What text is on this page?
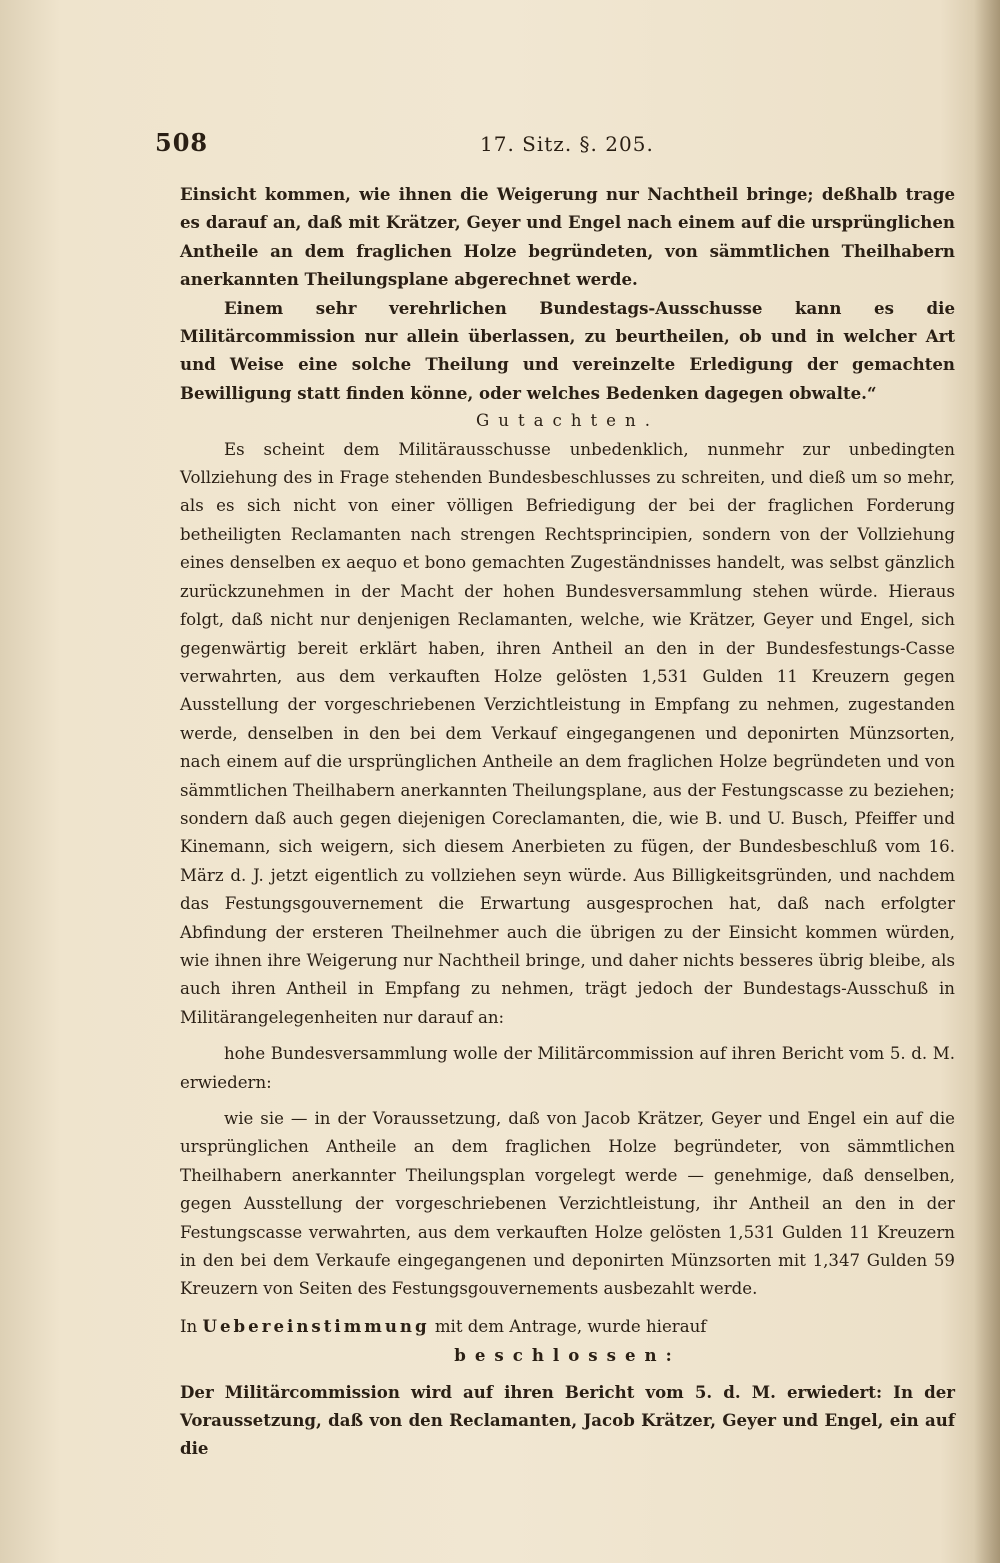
508	17. Sitz. §. 205.

Einsicht kommen, wie ihnen die Weigerung nur Nachtheil bringe; deßhalb trage es darauf an, daß mit Krätzer, Geyer und Engel nach einem auf die ursprünglichen Antheile an dem fraglichen Holze begründeten, von sämmtlichen Theilhabern anerkannten Theilungsplane abgerechnet werde.

Einem sehr verehrlichen Bundestags-Ausschusse kann es die Militärcommission nur allein überlassen, zu beurtheilen, ob und in welcher Art und Weise eine solche Theilung und vereinzelte Erledigung der gemachten Bewilligung statt finden könne, oder welches Bedenken dagegen obwalte.“

Gutachten.

Es scheint dem Militärausschusse unbedenklich, nunmehr zur unbedingten Vollziehung des in Frage stehenden Bundesbeschlusses zu schreiten, und dieß um so mehr, als es sich nicht von einer völligen Befriedigung der bei der fraglichen Forderung betheiligten Reclamanten nach strengen Rechtsprincipien, sondern von der Vollziehung eines denselben ex aequo et bono gemachten Zugeständnisses handelt, was selbst gänzlich zurückzunehmen in der Macht der hohen Bundesversammlung stehen würde. Hieraus folgt, daß nicht nur denjenigen Reclamanten, welche, wie Krätzer, Geyer und Engel, sich gegenwärtig bereit erklärt haben, ihren Antheil an den in der Bundesfestungs-Casse verwahrten, aus dem verkauften Holze gelösten 1,531 Gulden 11 Kreuzern gegen Ausstellung der vorgeschriebenen Verzichtleistung in Empfang zu nehmen, zugestanden werde, denselben in den bei dem Verkauf eingegangenen und deponirten Münzsorten, nach einem auf die ursprünglichen Antheile an dem fraglichen Holze begründeten und von sämmtlichen Theilhabern anerkannten Theilungsplane, aus der Festungscasse zu beziehen; sondern daß auch gegen diejenigen Coreclamanten, die, wie B. und U. Busch, Pfeiffer und Kinemann, sich weigern, sich diesem Anerbieten zu fügen, der Bundesbeschluß vom 16. März d. J. jetzt eigentlich zu vollziehen seyn würde. Aus Billigkeitsgründen, und nachdem das Festungsgouvernement die Erwartung ausgesprochen hat, daß nach erfolgter Abfindung der ersteren Theilnehmer auch die übrigen zu der Einsicht kommen würden, wie ihnen ihre Weigerung nur Nachtheil bringe, und daher nichts besseres übrig bleibe, als auch ihren Antheil in Empfang zu nehmen, trägt jedoch der Bundestags-Ausschuß in Militärangelegenheiten nur darauf an:

hohe Bundesversammlung wolle der Militärcommission auf ihren Bericht vom 5. d. M. erwiedern:

wie sie — in der Voraussetzung, daß von Jacob Krätzer, Geyer und Engel ein auf die ursprünglichen Antheile an dem fraglichen Holze begründeter, von sämmtlichen Theilhabern anerkannter Theilungsplan vorgelegt werde — genehmige, daß denselben, gegen Ausstellung der vorgeschriebenen Verzichtleistung, ihr Antheil an den in der Festungscasse verwahrten, aus dem verkauften Holze gelösten 1,531 Gulden 11 Kreuzern in den bei dem Verkaufe eingegangenen und deponirten Münzsorten mit 1,347 Gulden 59 Kreuzern von Seiten des Festungsgouvernements ausbezahlt werde.

In Uebereinstimmung mit dem Antrage, wurde hierauf

beschlossen:

Der Militärcommission wird auf ihren Bericht vom 5. d. M. erwiedert: In der Voraussetzung, daß von den Reclamanten, Jacob Krätzer, Geyer und Engel, ein auf die
